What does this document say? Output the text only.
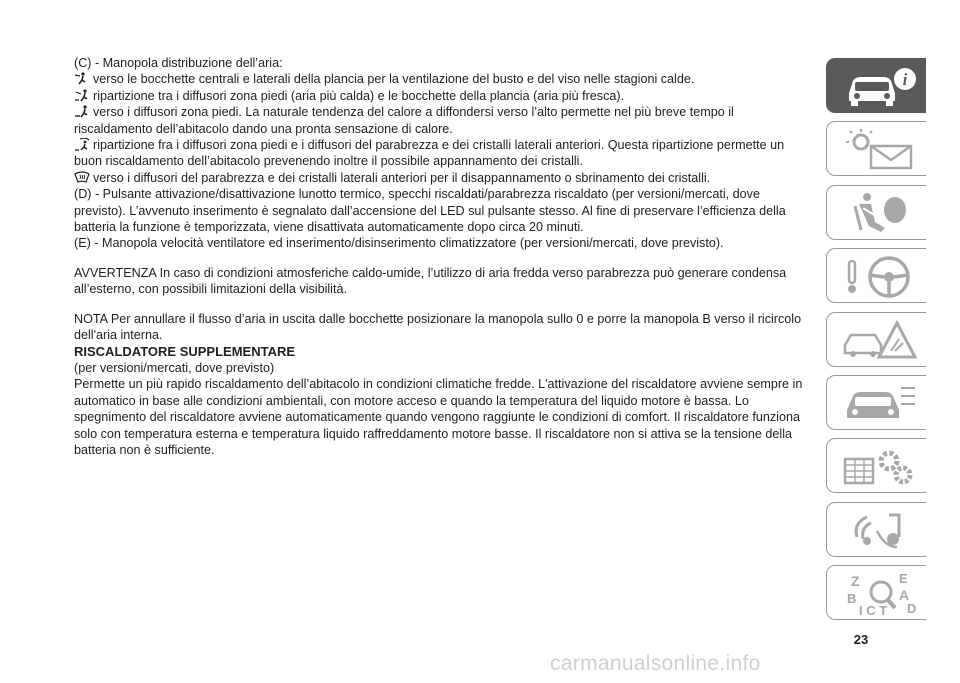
(C) - Manopola distribuzione dell’aria:

verso le bocchette centrali e laterali della plancia per la ventilazione del busto e del viso nelle stagioni calde.

ripartizione tra i diffusori zona piedi (aria più calda) e le bocchette della plancia (aria più fresca).

verso i diffusori zona piedi. La naturale tendenza del calore a diffondersi verso l’alto permette nel più breve tempo il riscaldamento dell’abitacolo dando una pronta sensazione di calore.

ripartizione fra i diffusori zona piedi e i diffusori del parabrezza e dei cristalli laterali anteriori. Questa ripartizione permette un buon riscaldamento dell’abitacolo prevenendo inoltre il possibile appannamento dei cristalli.

verso i diffusori del parabrezza e dei cristalli laterali anteriori per il disappannamento o sbrinamento dei cristalli.

(D) - Pulsante attivazione/disattivazione lunotto termico, specchi riscaldati/parabrezza riscaldato (per versioni/mercati, dove previsto). L’avvenuto inserimento è segnalato dall’accensione del LED sul pulsante stesso. Al fine di preservare l’efficienza della batteria la funzione è temporizzata, viene disattivata automaticamente dopo circa 20 minuti.

(E) - Manopola velocità ventilatore ed inserimento/disinserimento climatizzatore (per versioni/mercati, dove previsto).

AVVERTENZA In caso di condizioni atmosferiche caldo-umide, l’utilizzo di aria fredda verso parabrezza può generare condensa all’esterno, con possibili limitazioni della visibilità.

NOTA Per annullare il flusso d’aria in uscita dalle bocchette posizionare la manopola sullo 0 e porre la manopola B verso il ricircolo dell'aria interna.

RISCALDATORE SUPPLEMENTARE

(per versioni/mercati, dove previsto)

Permette un più rapido riscaldamento dell’abitacolo in condizioni climatiche fredde. L'attivazione del riscaldatore avviene sempre in automatico in base alle condizioni ambientali, con motore acceso e quando la temperatura del liquido motore è bassa. Lo spegnimento del riscaldatore avviene automaticamente quando vengono raggiunte le condizioni di comfort. Il riscaldatore funziona solo con temperatura esterna e temperatura liquido raffreddamento motore basse. Il riscaldatore non si attiva se la tensione della batteria non è sufficiente.

i
Z	E
B	A
D
I C T
23
carmanualsonline.info
